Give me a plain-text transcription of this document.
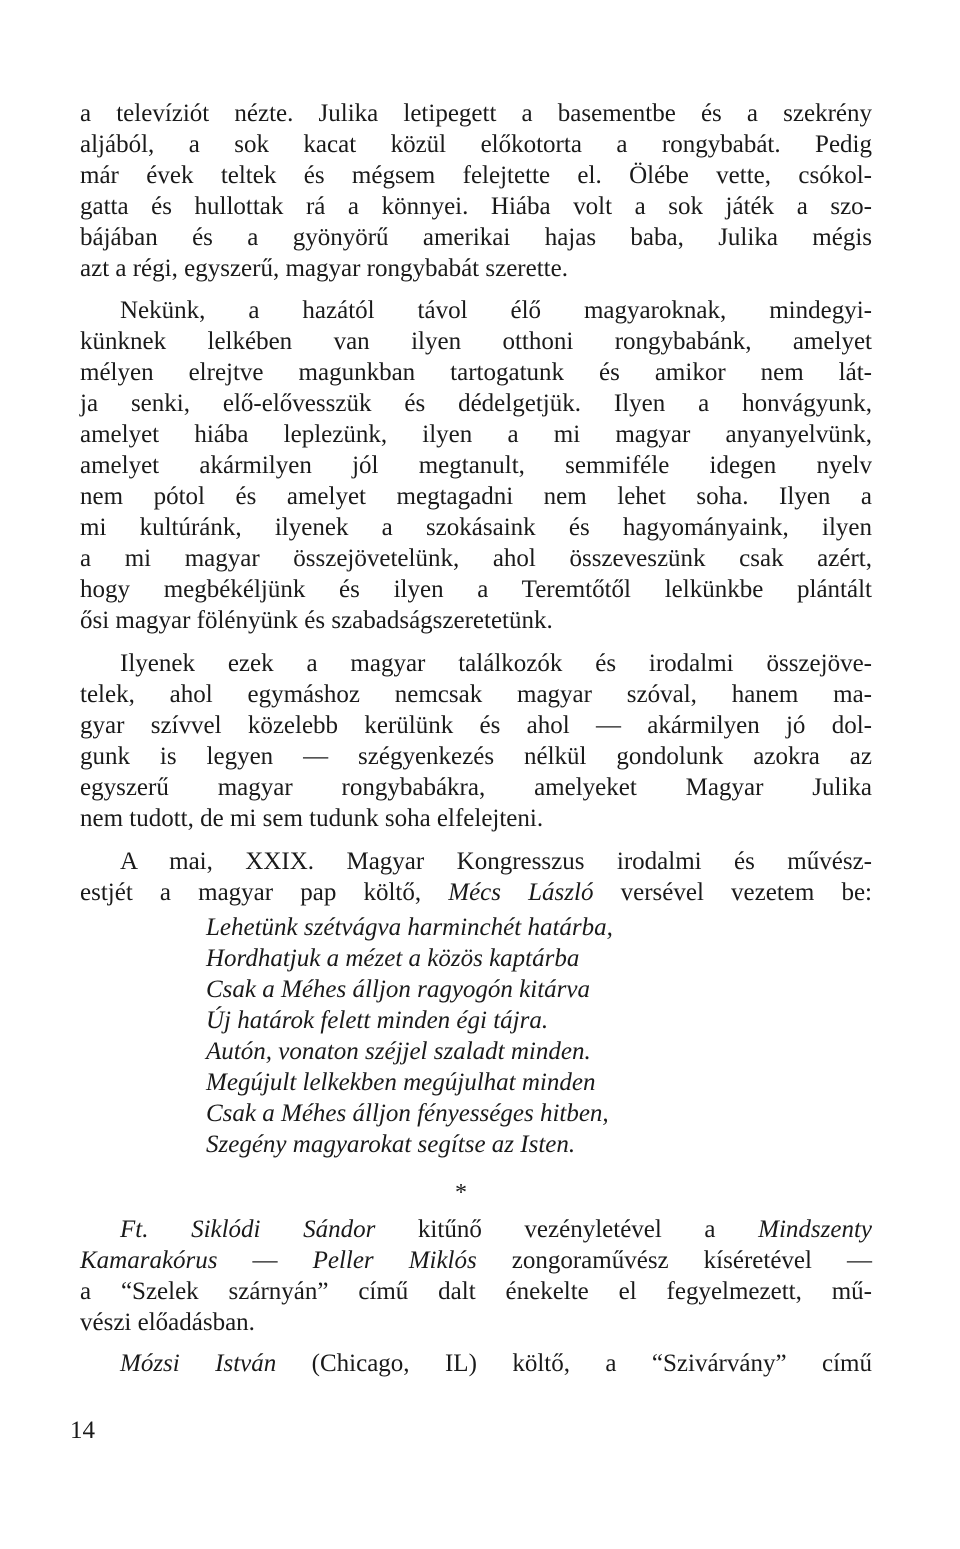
a televíziót nézte. Julika letipegett a basementbe és a szekrény
aljából, a sok kacat közül előkotorta a rongybabát. Pedig
már évek teltek és mégsem felejtette el. Ölébe vette, csókol-
gatta és hullottak rá a könnyei. Hiába volt a sok játék a szo-
bájában és a gyönyörű amerikai hajas baba, Julika mégis
azt a régi, egyszerű, magyar rongybabát szerette.
Nekünk, a hazától távol élő magyaroknak, mindegyi-
künknek lelkében van ilyen otthoni rongybabánk, amelyet
mélyen elrejtve magunkban tartogatunk és amikor nem lát-
ja senki, elő-elővesszük és dédelgetjük. Ilyen a honvágyunk,
amelyet hiába leplezünk, ilyen a mi magyar anyanyelvünk,
amelyet akármilyen jól megtanult, semmiféle idegen nyelv
nem pótol és amelyet megtagadni nem lehet soha. Ilyen a
mi kultúránk, ilyenek a szokásaink és hagyományaink, ilyen
a mi magyar összejövetelünk, ahol összeveszünk csak azért,
hogy megbékéljünk és ilyen a Teremtőtől lelkünkbe plántált
ősi magyar fölényünk és szabadságszeretetünk.
Ilyenek ezek a magyar találkozók és irodalmi összejöve-
telek, ahol egymáshoz nemcsak magyar szóval, hanem ma-
gyar szívvel közelebb kerülünk és ahol — akármilyen jó dol-
gunk is legyen — szégyenkezés nélkül gondolunk azokra az
egyszerű magyar rongybabákra, amelyeket Magyar Julika
nem tudott, de mi sem tudunk soha elfelejteni.
A mai, XXIX. Magyar Kongresszus irodalmi és művész-
estjét a magyar pap költő, Mécs László versével vezetem be:
Lehetünk szétvágva harminchét határba,
Hordhatjuk a mézet a közös kaptárba
Csak a Méhes álljon ragyogón kitárva
Új határok felett minden égi tájra.
Autón, vonaton széjjel szaladt minden.
Megújult lelkekben megújulhat minden
Csak a Méhes álljon fényességes hitben,
Szegény magyarokat segítse az Isten.
*
Ft. Siklódi Sándor kitűnő vezényletével a Mindszenty
Kamarakórus — Peller Miklós zongoraművész kíséretével —
a “Szelek szárnyán” című dalt énekelte el fegyelmezett, mű-
vészi előadásban.
Mózsi István (Chicago, IL) költő, a “Szivárvány” című
14
